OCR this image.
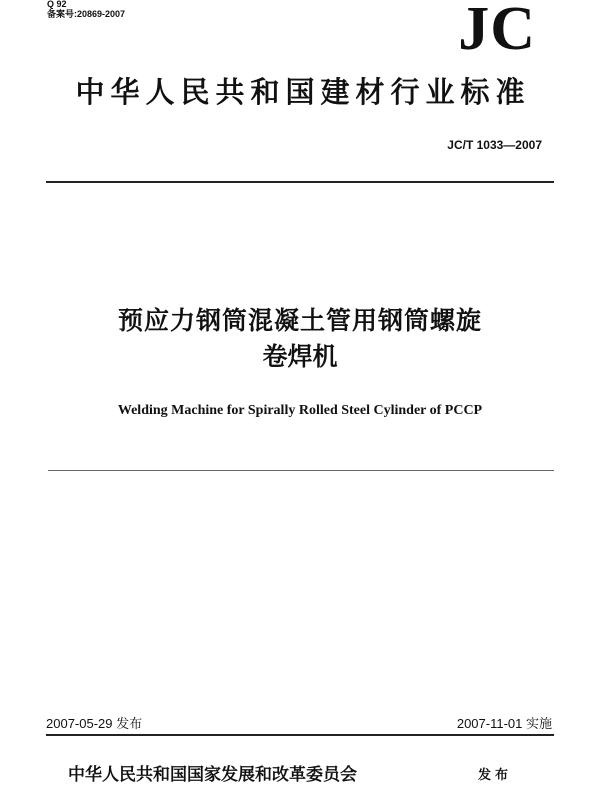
Q 92
备案号:20869-2007	JC
中华人民共和国建材行业标准
JC/T 1033—2007
预应力钢筒混凝土管用钢筒螺旋
卷焊机
Welding Machine for Spirally Rolled Steel Cylinder of PCCP
2007-05-29 发布	2007-11-01 实施
中华人民共和国国家发展和改革委员会	发布
